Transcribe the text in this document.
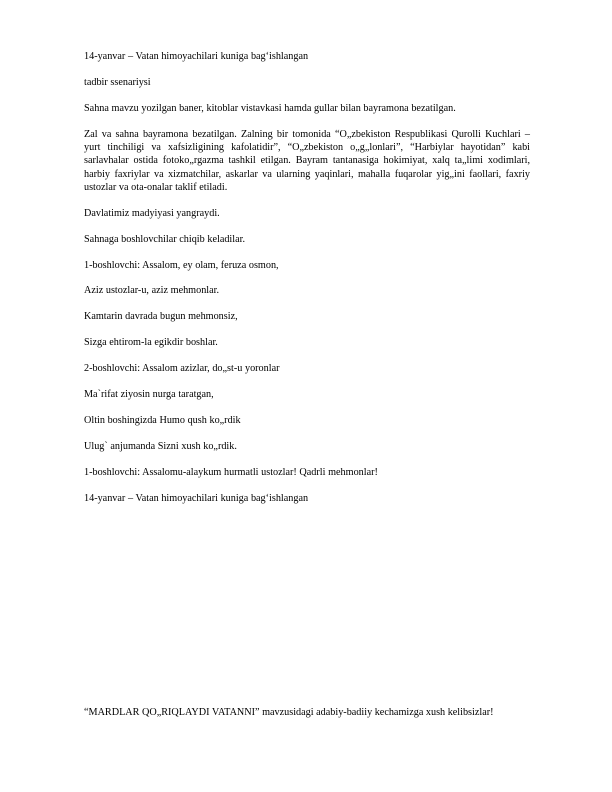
14-yanvar – Vatan himoyachilari kuniga bag‘ishlangan

tadbir ssenariysi

Sahna mavzu yozilgan baner, kitoblar vistavkasi hamda gullar bilan bayramona bezatilgan.

Zal va sahna bayramona bezatilgan. Zalning bir tomonida “O„zbekiston Respublikasi Qurolli Kuchlari – yurt tinchiligi va xafsizligining kafolatidir”, “O„zbekiston o„g„lonlari”, “Harbiylar hayotidan” kabi sarlavhalar ostida fotoko„rgazma tashkil etilgan. Bayram tantanasiga hokimiyat, xalq ta„limi xodimlari, harbiy faxriylar va xizmatchilar, askarlar va ularning yaqinlari, mahalla fuqarolar yig„ini faollari, faxriy ustozlar va ota-onalar taklif etiladi.

Davlatimiz madyiyasi yangraydi.

Sahnaga boshlovchilar chiqib keladilar.

1-boshlovchi: Assalom, ey olam, feruza osmon,

Aziz ustozlar-u, aziz mehmonlar.

Kamtarin davrada bugun mehmonsiz,

Sizga ehtirom-la egikdir boshlar.

2-boshlovchi: Assalom azizlar, do„st-u yoronlar

Ma`rifat ziyosin nurga taratgan,

Oltin boshingizda Humo qush ko„rdik

Ulug` anjumanda Sizni xush ko„rdik.

1-boshlovchi: Assalomu-alaykum hurmatli ustozlar! Qadrli mehmonlar!

14-yanvar – Vatan himoyachilari kuniga bag‘ishlangan

“MARDLAR QO„RIQLAYDI VATANNI” mavzusidagi adabiy-badiiy kechamizga xush kelibsizlar!
